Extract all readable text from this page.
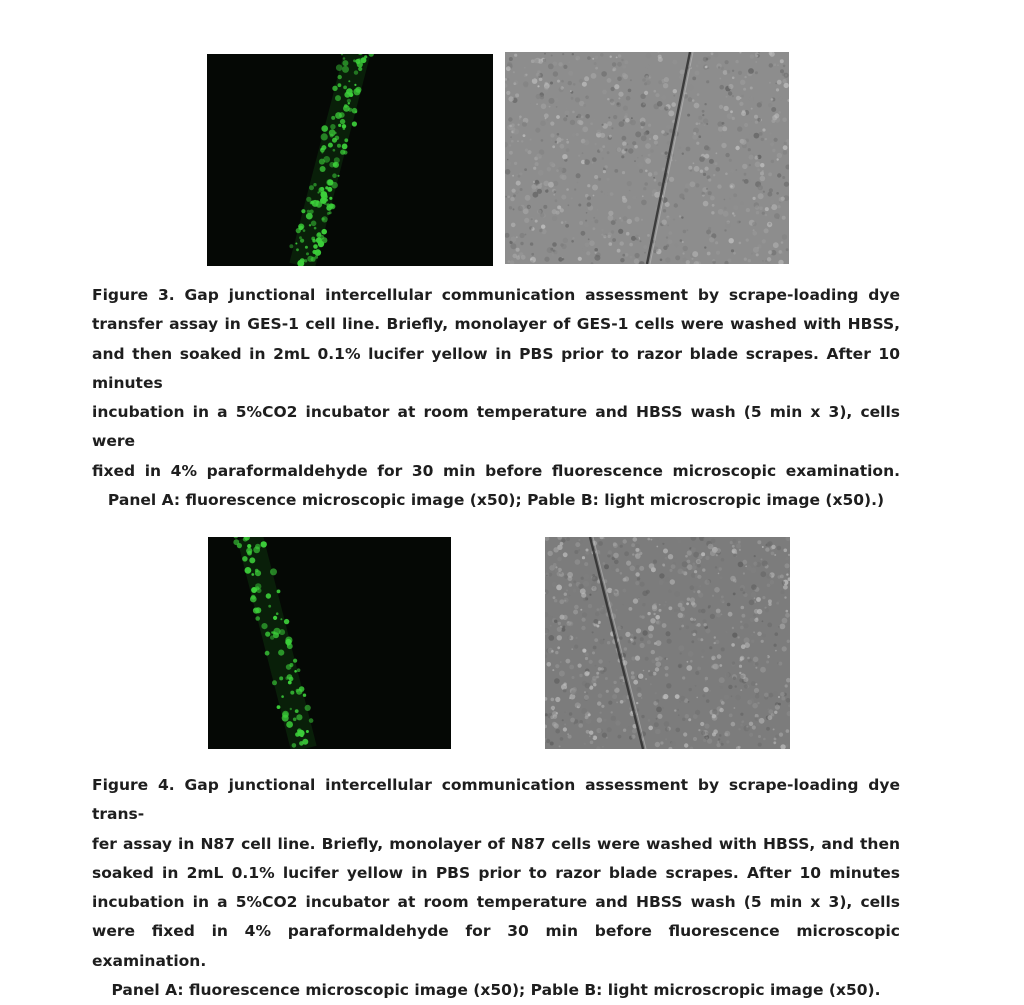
Figure 3. Gap junctional intercellular communication assessment by scrape-loading dye

transfer assay in GES-1 cell line. Briefly, monolayer of GES-1 cells were washed with HBSS,

and then soaked in 2mL 0.1% lucifer yellow in PBS prior to razor blade scrapes. After 10 minutes

incubation in a 5%CO2 incubator at room temperature and HBSS wash (5 min x 3), cells were

fixed in 4% paraformaldehyde for 30 min before fluorescence microscopic examination.

Panel A: fluorescence microscopic image (x50); Pable B: light microscropic image (x50).)

Figure 4. Gap junctional intercellular communication assessment by scrape-loading dye trans-

fer assay in N87 cell line. Briefly, monolayer of N87 cells were washed with HBSS, and then

soaked in 2mL 0.1% lucifer yellow in PBS prior to razor blade scrapes. After 10 minutes

incubation in a 5%CO2 incubator at room temperature and HBSS wash (5 min x 3), cells

were fixed in 4% paraformaldehyde for 30 min before fluorescence microscopic examination.

Panel A: fluorescence microscopic image (x50); Pable B: light microscropic image (x50).
